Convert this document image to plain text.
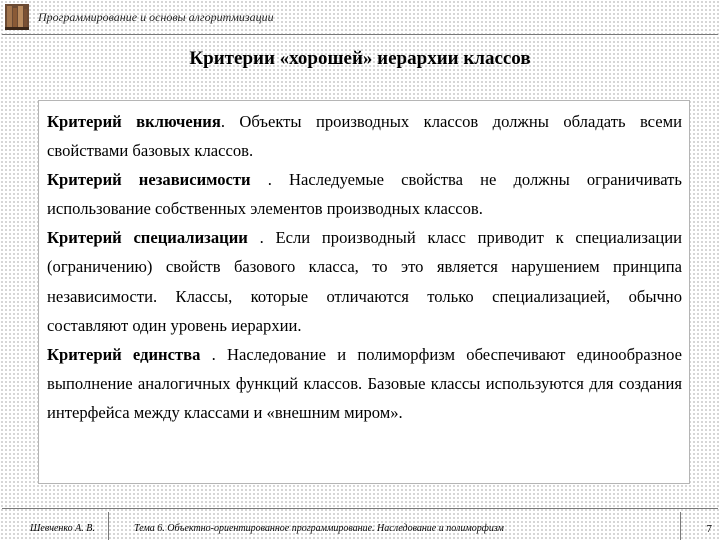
Программирование и основы алгоритмизации
Критерии «хорошей» иерархии классов

Критерий включения. Объекты производных классов должны обладать всеми свойствами базовых классов.

Критерий независимости . Наследуемые свойства не должны ограничивать использование собственных элементов производных классов.

Критерий специализации . Если производный класс приводит к специализации (ограничению) свойств базового класса, то это является нарушением принципа независимости. Классы, которые отличаются только специализацией, обычно составляют один уровень иерархии.

Критерий единства . Наследование и полиморфизм обеспечивают единообразное выполнение аналогичных функций классов. Базовые классы используются для создания интерфейса между классами и «внешним миром».

Шевченко А. В.	Тема 6. Объектно-ориентированное программирование. Наследование и полиморфизм	7
